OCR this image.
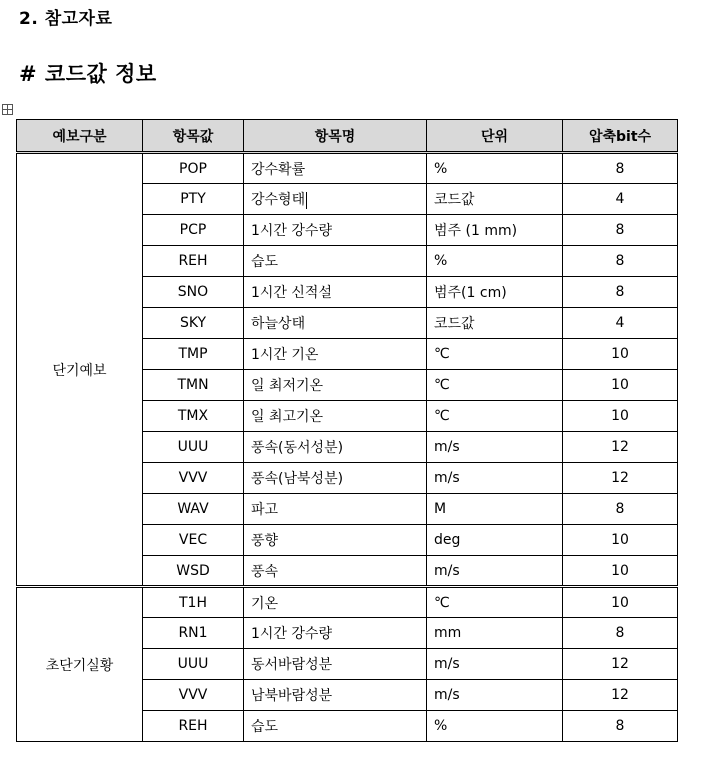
2. 참고자료
# 코드값 정보
예보구분	항목값	항목명	단위	압축bit수
단기예보	POP	강수확률	%	8
	PTY	강수형태	코드값	4
	PCP	1시간 강수량	범주 (1 mm)	8
	REH	습도	%	8
	SNO	1시간 신적설	범주(1 cm)	8
	SKY	하늘상태	코드값	4
	TMP	1시간 기온	℃	10
	TMN	일 최저기온	℃	10
	TMX	일 최고기온	℃	10
	UUU	풍속(동서성분)	m/s	12
	VVV	풍속(남북성분)	m/s	12
	WAV	파고	M	8
	VEC	풍향	deg	10
	WSD	풍속	m/s	10
초단기실황	T1H	기온	℃	10
	RN1	1시간 강수량	mm	8
	UUU	동서바람성분	m/s	12
	VVV	남북바람성분	m/s	12
	REH	습도	%	8
